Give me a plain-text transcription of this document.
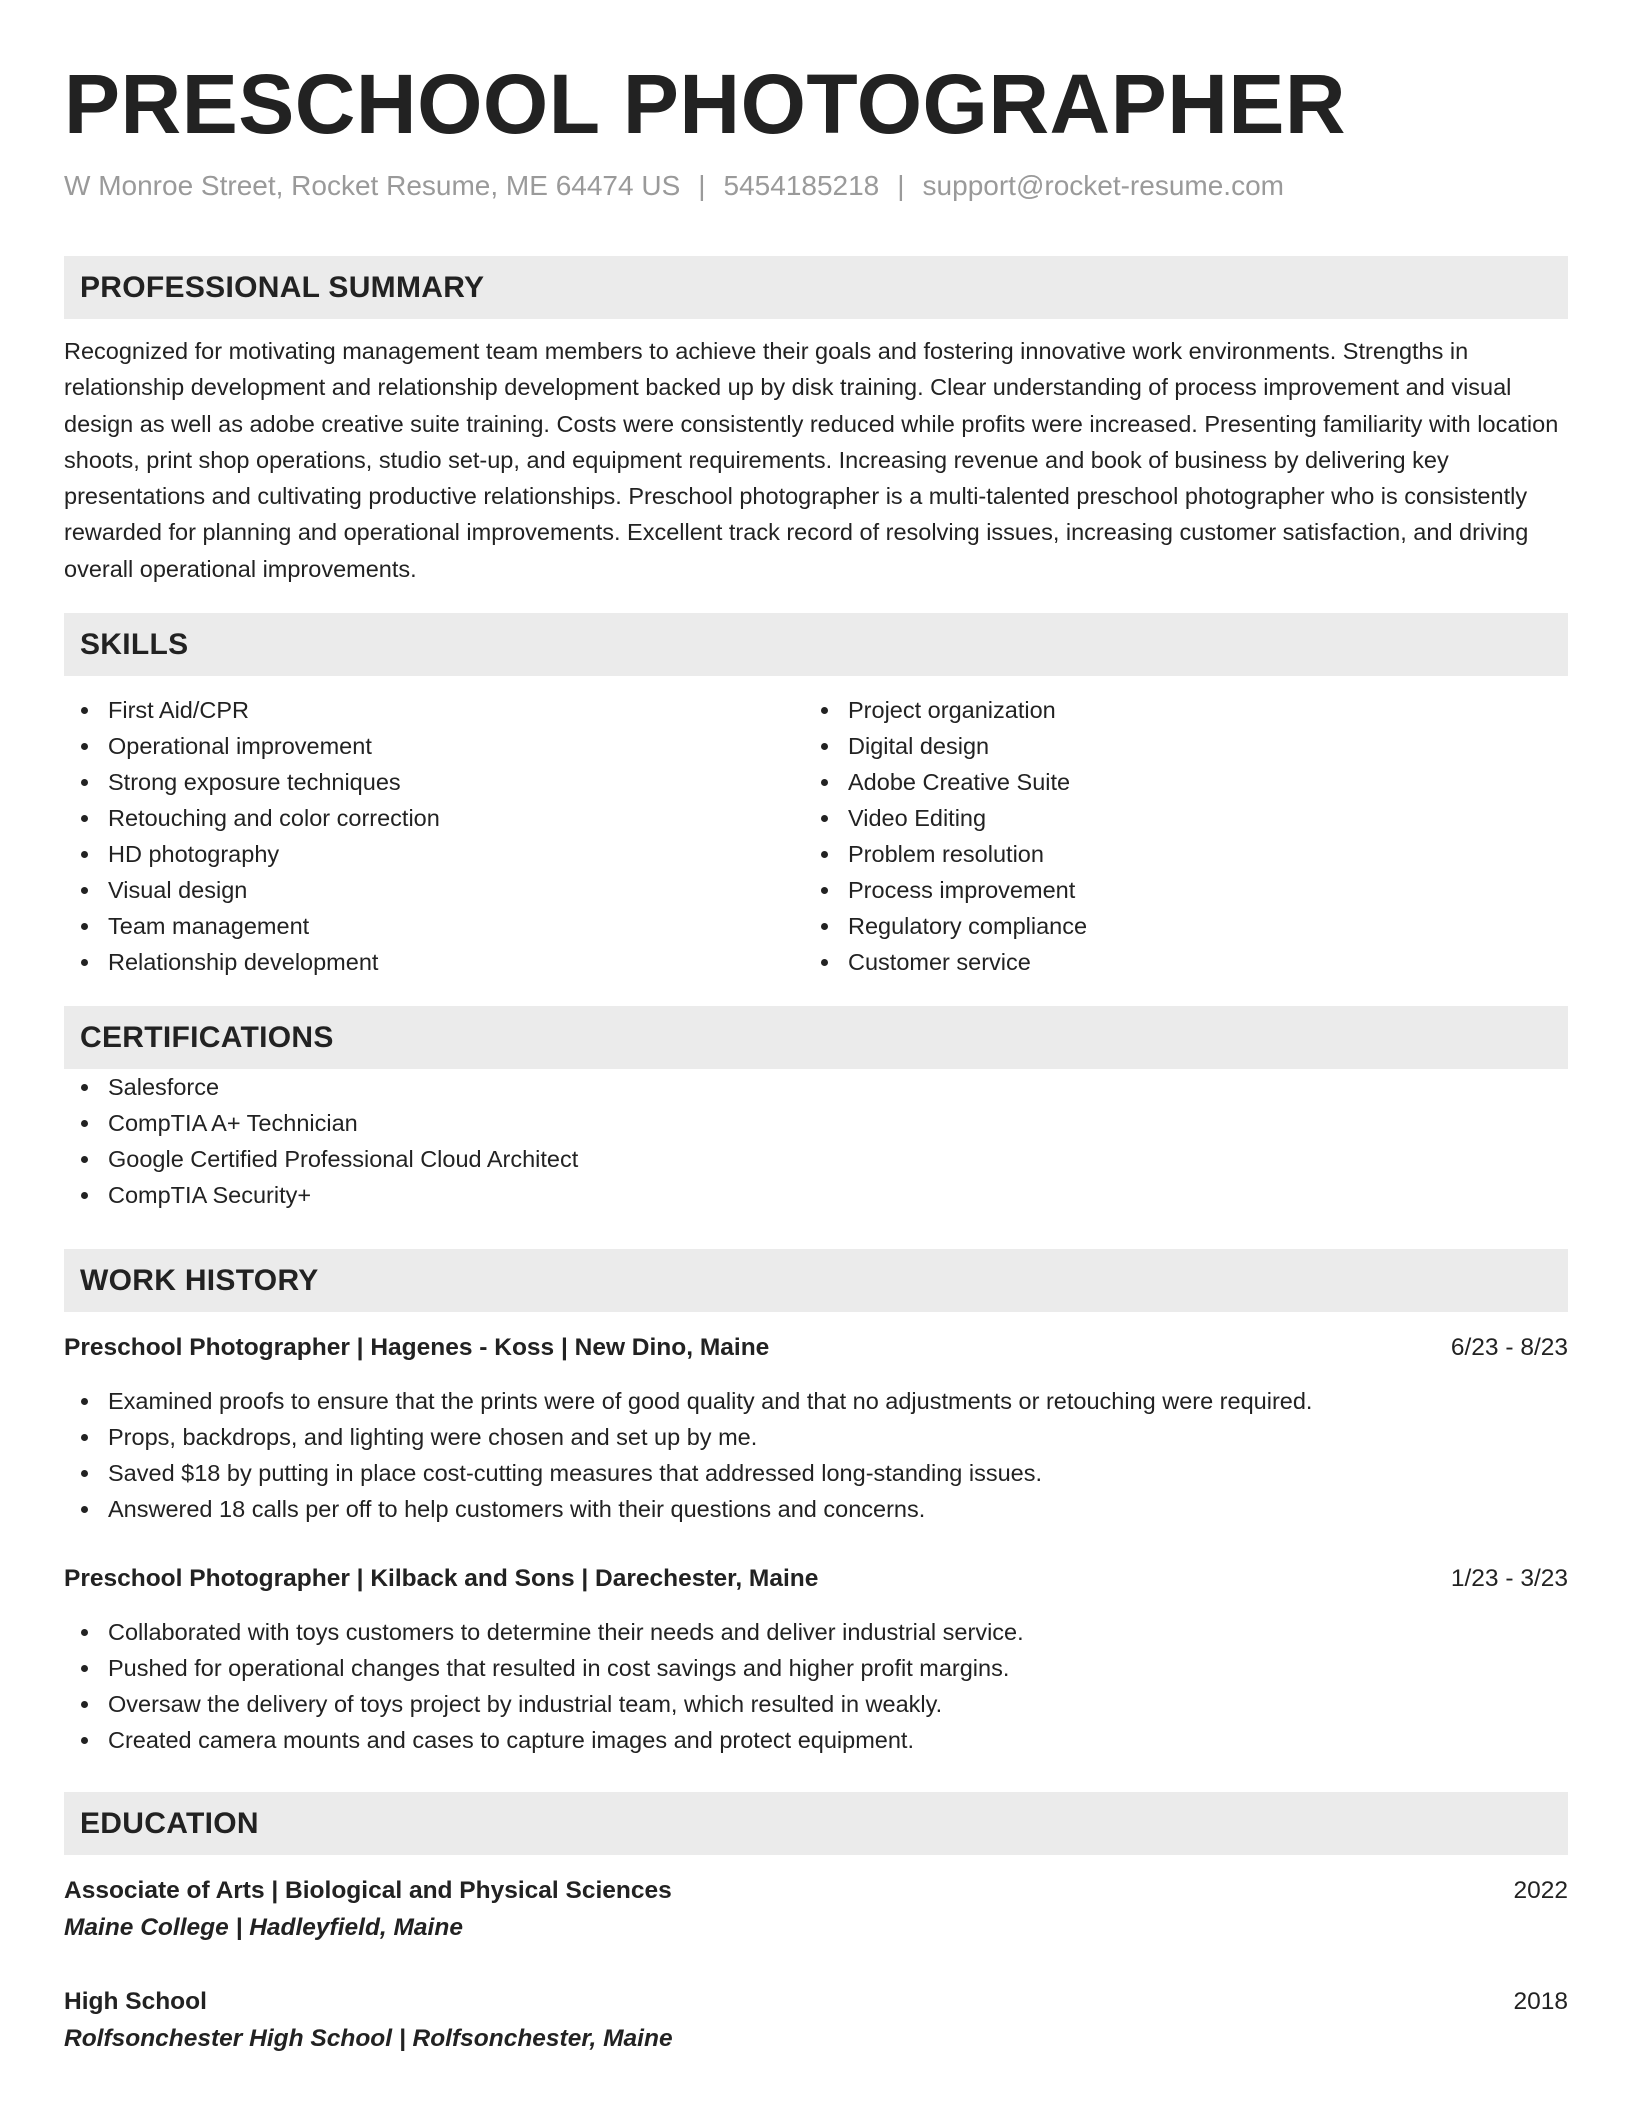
PRESCHOOL PHOTOGRAPHER
W Monroe Street, Rocket Resume, ME 64474 US | 5454185218 | support@rocket-resume.com
PROFESSIONAL SUMMARY
Recognized for motivating management team members to achieve their goals and fostering innovative work environments. Strengths in relationship development and relationship development backed up by disk training. Clear understanding of process improvement and visual design as well as adobe creative suite training. Costs were consistently reduced while profits were increased. Presenting familiarity with location shoots, print shop operations, studio set-up, and equipment requirements. Increasing revenue and book of business by delivering key presentations and cultivating productive relationships. Preschool photographer is a multi-talented preschool photographer who is consistently rewarded for planning and operational improvements. Excellent track record of resolving issues, increasing customer satisfaction, and driving overall operational improvements.
SKILLS
First Aid/CPR
Operational improvement
Strong exposure techniques
Retouching and color correction
HD photography
Visual design
Team management
Relationship development
Project organization
Digital design
Adobe Creative Suite
Video Editing
Problem resolution
Process improvement
Regulatory compliance
Customer service
CERTIFICATIONS
Salesforce
CompTIA A+ Technician
Google Certified Professional Cloud Architect
CompTIA Security+
WORK HISTORY
Preschool Photographer | Hagenes - Koss | New Dino, Maine	6/23 - 8/23
Examined proofs to ensure that the prints were of good quality and that no adjustments or retouching were required.
Props, backdrops, and lighting were chosen and set up by me.
Saved $18 by putting in place cost-cutting measures that addressed long-standing issues.
Answered 18 calls per off to help customers with their questions and concerns.
Preschool Photographer | Kilback and Sons | Darechester, Maine	1/23 - 3/23
Collaborated with toys customers to determine their needs and deliver industrial service.
Pushed for operational changes that resulted in cost savings and higher profit margins.
Oversaw the delivery of toys project by industrial team, which resulted in weakly.
Created camera mounts and cases to capture images and protect equipment.
EDUCATION
Associate of Arts | Biological and Physical Sciences	2022
Maine College | Hadleyfield, Maine
High School	2018
Rolfsonchester High School | Rolfsonchester, Maine
